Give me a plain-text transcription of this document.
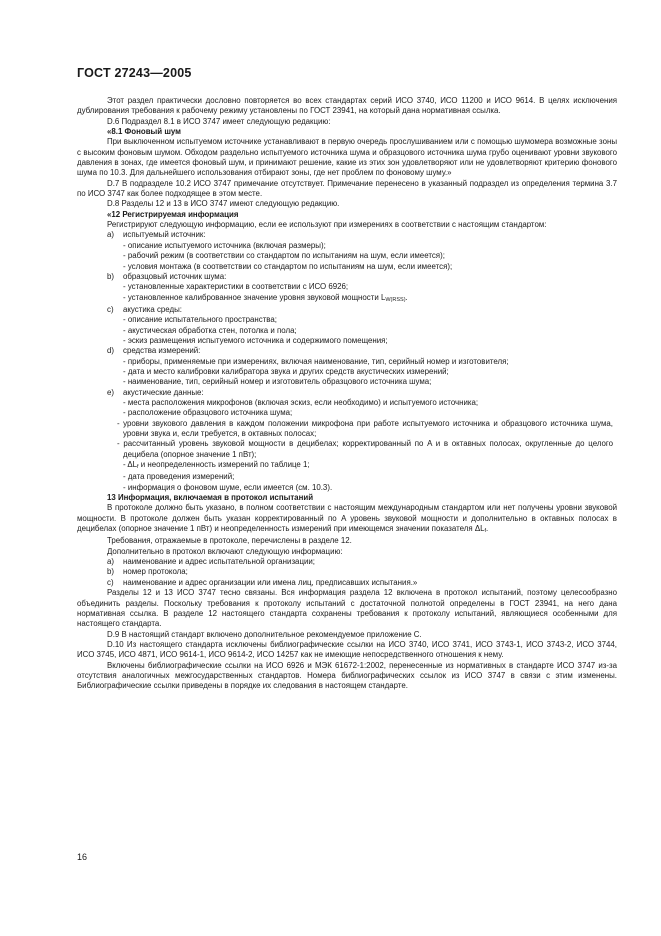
ГОСТ 27243—2005

Этот раздел практически дословно повторяется во всех стандартах серий ИСО 3740, ИСО 11200 и ИСО 9614. В целях исключения дублирования требования к рабочему режиму установлены по ГОСТ 23941, на который дана нормативная ссылка.

D.6 Подраздел 8.1 в ИСО 3747 имеет следующую редакцию:

«8.1 Фоновый шум

При выключенном испытуемом источнике устанавливают в первую очередь прослушиванием или с помощью шумомера возможные зоны с высоким фоновым шумом. Обходом раздельно испытуемого источника шума и образцового источника шума грубо оценивают уровни звукового давления в зонах, где имеется фоновый шум, и принимают решение, какие из этих зон удовлетворяют или не удовлетворяют критерию фонового шума по 10.3. Для дальнейшего использования отбирают зоны, где нет проблем по фоновому шуму.»

D.7 В подразделе 10.2 ИСО 3747 примечание отсутствует. Примечание перенесено в указанный подраздел из определения термина 3.7 по ИСО 3747 как более подходящее в этом месте.

D.8 Разделы 12 и 13 в ИСО 3747 имеют следующую редакцию.

«12 Регистрируемая информация

Регистрируют следующую информацию, если ее используют при измерениях в соответствии с настоящим стандартом:

a)	испытуемый источник:

- описание испытуемого источника (включая размеры);

- рабочий режим (в соответствии со стандартом по испытаниям на шум, если имеется);

- условия монтажа (в соответствии со стандартом по испытаниям на шум, если имеется);

b)	образцовый источник шума:

- установленные характеристики в соответствии с ИСО 6926;

- установленное калиброванное значение уровня звуковой мощности $L_{W(RSS)}$.

c)	акустика среды:

- описание испытательного пространства;

- акустическая обработка стен, потолка и пола;

- эскиз размещения испытуемого источника и содержимого помещения;

d)	средства измерений:

- приборы, применяемые при измерениях, включая наименование, тип, серийный номер и изготовителя;

- дата и место калибровки калибратора звука и других средств акустических измерений;

- наименование, тип, серийный номер и изготовитель образцового источника шума;

e)	акустические данные:

- места расположения микрофонов (включая эскиз, если необходимо) и испытуемого источника;

- расположение образцового источника шума;

- уровни звукового давления в каждом положении микрофона при работе испытуемого источника и образцового источника шума, уровни звука и, если требуется, в октавных полосах;

- рассчитанный уровень звуковой мощности в децибелах; корректированный по A и в октавных полосах, округленные до целого децибела (опорное значение 1 пВт);

- $\Delta L_f$ и неопределенность измерений по таблице 1;

- дата проведения измерений;

- информация о фоновом шуме, если имеется (см. 10.3).

13 Информация, включаемая в протокол испытаний

В протоколе должно быть указано, в полном соответствии с настоящим международным стандартом или нет получены уровни звуковой мощности. В протоколе должен быть указан корректированный по A уровень звуковой мощности и дополнительно в октавных полосах в децибелах (опорное значение 1 пВт) и неопределенность измерений при имеющемся значении показателя $\Delta L_f$.

Требования, отражаемые в протоколе, перечислены в разделе 12.

Дополнительно в протокол включают следующую информацию:

a)	наименование и адрес испытательной организации;

b)	номер протокола;

c)	наименование и адрес организации или имена лиц, предписавших испытания.»

Разделы 12 и 13 ИСО 3747 тесно связаны. Вся информация раздела 12 включена в протокол испытаний, поэтому целесообразно объединить разделы. Поскольку требования к протоколу испытаний с достаточной полнотой определены в ГОСТ 23941, на него дана нормативная ссылка. В разделе 12 настоящего стандарта сохранены требования к протоколу испытаний, являющиеся особенными для настоящего стандарта.

D.9 В настоящий стандарт включено дополнительное рекомендуемое приложение С.

D.10 Из настоящего стандарта исключены библиографические ссылки на ИСО 3740, ИСО 3741, ИСО 3743-1, ИСО 3743-2, ИСО 3744, ИСО 3745, ИСО 4871, ИСО 9614-1, ИСО 9614-2, ИСО 14257 как не имеющие непосредственного отношения к нему.

Включены библиографические ссылки на ИСО 6926 и МЭК 61672-1:2002, перенесенные из нормативных в стандарте ИСО 3747 из-за отсутствия аналогичных межгосударственных стандартов. Номера библиографических ссылок из ИСО 3747 в связи с этим изменены. Библиографические ссылки приведены в порядке их следования в настоящем стандарте.

16
